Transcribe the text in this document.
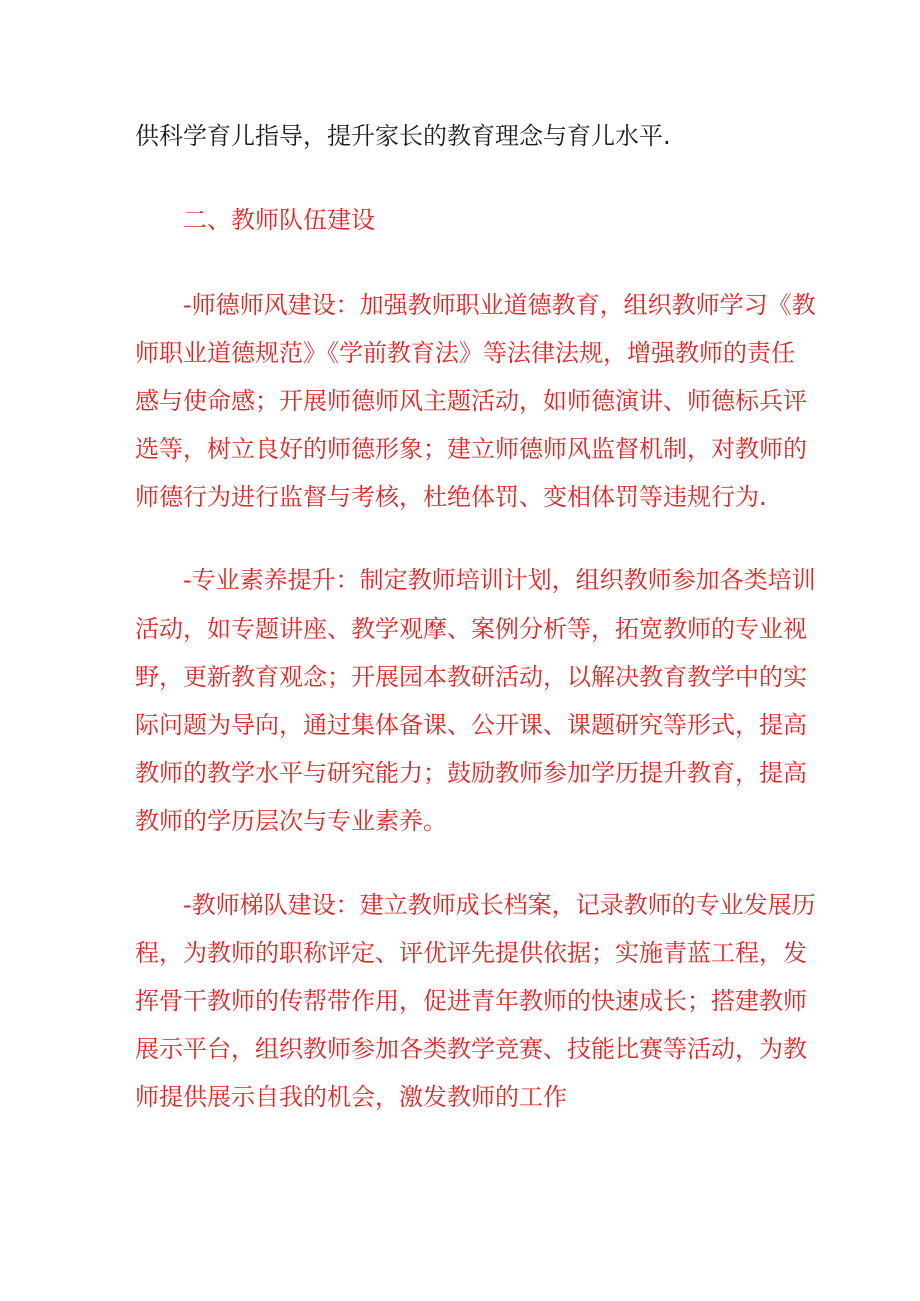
供科学育儿指导，提升家长的教育理念与育儿水平.
二、教师队伍建设
-师德师风建设：加强教师职业道德教育，组织教师学习《教
师职业道德规范》《学前教育法》等法律法规，增强教师的责任
感与使命感；开展师德师风主题活动，如师德演讲、师德标兵评
选等，树立良好的师德形象；建立师德师风监督机制，对教师的
师德行为进行监督与考核，杜绝体罚、变相体罚等违规行为.
-专业素养提升：制定教师培训计划，组织教师参加各类培训
活动，如专题讲座、教学观摩、案例分析等，拓宽教师的专业视
野，更新教育观念；开展园本教研活动，以解决教育教学中的实
际问题为导向，通过集体备课、公开课、课题研究等形式，提高
教师的教学水平与研究能力；鼓励教师参加学历提升教育，提高
教师的学历层次与专业素养。
-教师梯队建设：建立教师成长档案，记录教师的专业发展历
程，为教师的职称评定、评优评先提供依据；实施青蓝工程，发
挥骨干教师的传帮带作用，促进青年教师的快速成长；搭建教师
展示平台，组织教师参加各类教学竞赛、技能比赛等活动，为教
师提供展示自我的机会，激发教师的工作
